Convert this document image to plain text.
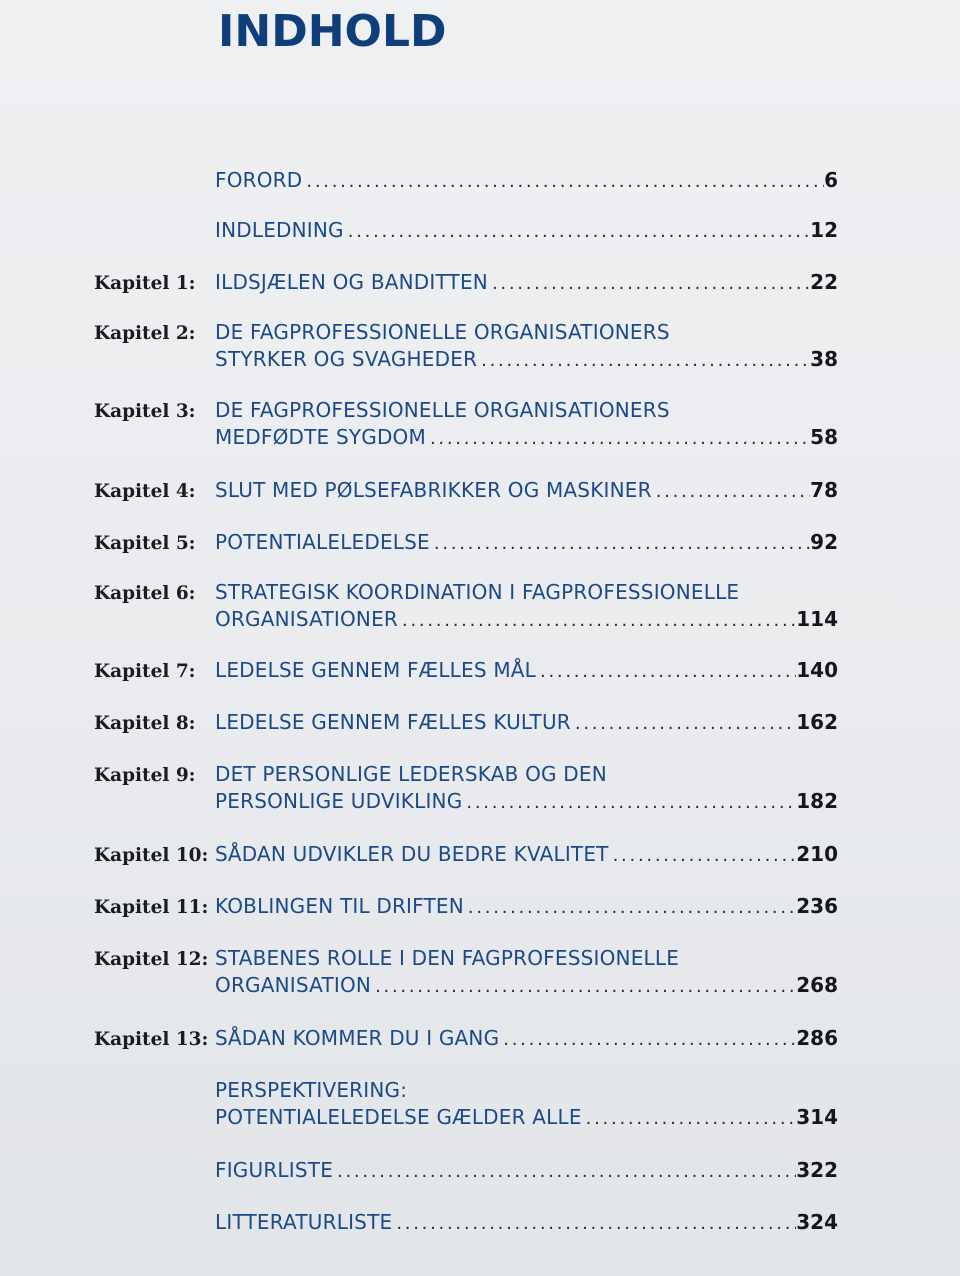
INDHOLD
FORORD . . .	6
INDLEDNING . . .	12
Kapitel 1: ILDSJÆLEN OG BANDITTEN . . .	22
Kapitel 2: DE FAGPROFESSIONELLE ORGANISATIONERS
STYRKER OG SVAGHEDER . . .	38
Kapitel 3: DE FAGPROFESSIONELLE ORGANISATIONERS
MEDFØDTE SYGDOM . . .	58
Kapitel 4: SLUT MED PØLSEFABRIKKER OG MASKINER . . .	78
Kapitel 5: POTENTIALELEDELSE . . .	92
Kapitel 6: STRATEGISK KOORDINATION I FAGPROFESSIONELLE
ORGANISATIONER . . .	114
Kapitel 7: LEDELSE GENNEM FÆLLES MÅL . . .	140
Kapitel 8: LEDELSE GENNEM FÆLLES KULTUR . . .	162
Kapitel 9: DET PERSONLIGE LEDERSKAB OG DEN
PERSONLIGE UDVIKLING . . .	182
Kapitel 10: SÅDAN UDVIKLER DU BEDRE KVALITET . . .	210
Kapitel 11: KOBLINGEN TIL DRIFTEN . . .	236
Kapitel 12: STABENES ROLLE I DEN FAGPROFESSIONELLE
ORGANISATION . . .	268
Kapitel 13: SÅDAN KOMMER DU I GANG . . .	286
PERSPEKTIVERING:
POTENTIALELEDELSE GÆLDER ALLE . . .	314
FIGURLISTE . . .	322
LITTERATURLISTE . . .	324
